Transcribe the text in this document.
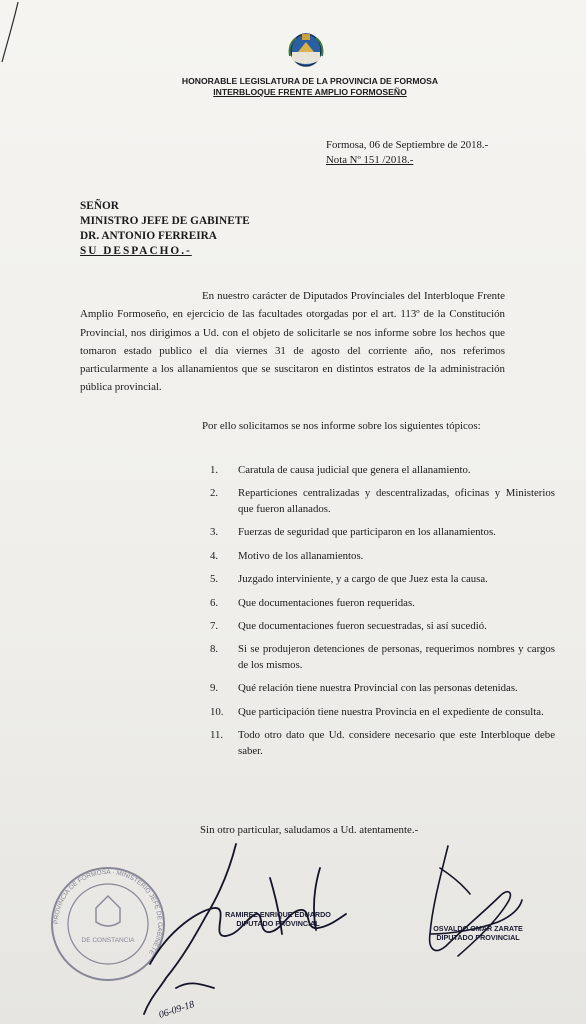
HONORABLE LEGISLATURA DE LA PROVINCIA DE FORMOSA
INTERBLOQUE FRENTE AMPLIO FORMOSEÑO
Formosa, 06 de Septiembre de 2018.-
Nota Nº 151 /2018.-
SEÑOR
MINISTRO JEFE DE GABINETE
DR. ANTONIO FERREIRA
SU DESPACHO.-

En nuestro carácter de Diputados Provinciales del Interbloque Frente Amplio Formoseño, en ejercicio de las facultades otorgadas por el art. 113º de la Constitución Provincial, nos dirigimos a Ud. con el objeto de solicitarle se nos informe sobre los hechos que tomaron estado publico el día viernes 31 de agosto del corriente año, nos referimos particularmente a los allanamientos que se suscitaron en distintos estratos de la administración pública provincial.

Por ello solicitamos se nos informe sobre los siguientes tópicos:

1.	Caratula de causa judicial que genera el allanamiento.
2.	Reparticiones centralizadas y descentralizadas, oficinas y Ministerios que fueron allanados.
3.	Fuerzas de seguridad que participaron en los allanamientos.
4.	Motivo de los allanamientos.
5.	Juzgado interviniente, y a cargo de que Juez esta la causa.
6.	Que documentaciones fueron requeridas.
7.	Que documentaciones fueron secuestradas, si así sucedió.
8.	Si se produjeron detenciones de personas, requerimos nombres y cargos de los mismos.
9.	Qué relación tiene nuestra Provincial con las personas detenidas.
10.	Que participación tiene nuestra Provincia en el expediente de consulta.
11.	Todo otro dato que Ud. considere necesario que este Interbloque debe saber.

Sin otro particular, saludamos a Ud. atentamente.-

PROVINCIA DE FORMOSA · MINISTERIO JEFE DE GABINETE
DE CONSTANCIA
06-09-18
RAMIREZ ENRIQUE EDUARDO
DIPUTADO PROVINCIAL
OSVALDO OMAR ZARATE
DIPUTADO PROVINCIAL
